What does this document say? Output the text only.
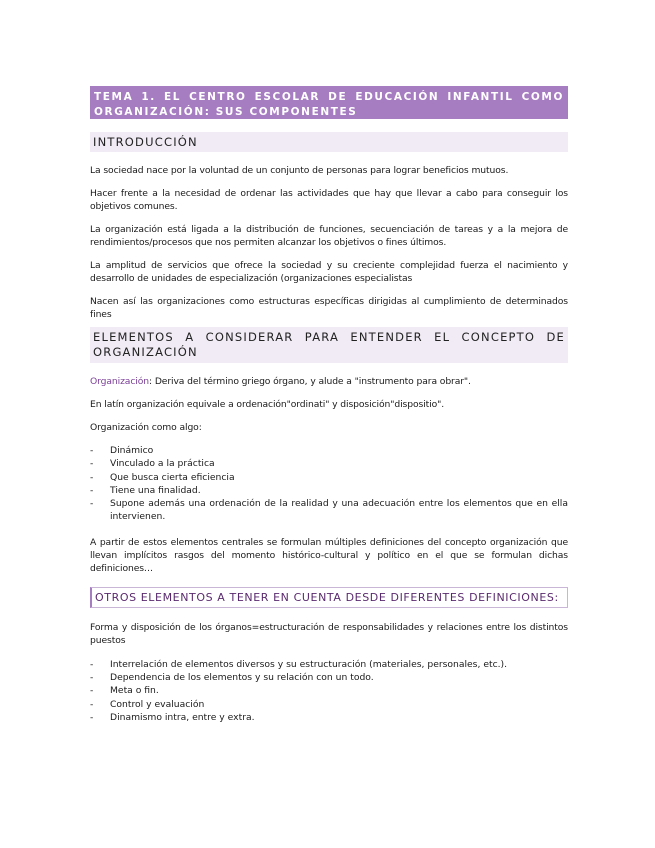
TEMA 1. EL CENTRO ESCOLAR DE EDUCACIÓN INFANTIL COMO
ORGANIZACIÓN: SUS COMPONENTES
INTRODUCCIÓN

La sociedad nace por la voluntad de un conjunto de personas para lograr beneficios mutuos.

Hacer frente a la necesidad de ordenar las actividades que hay que llevar a cabo para conseguir los objetivos comunes.

La organización está ligada a la distribución de funciones, secuenciación de tareas y a la mejora de rendimientos/procesos que nos permiten alcanzar los objetivos o fines últimos.

La amplitud de servicios que ofrece la sociedad y su creciente complejidad fuerza el nacimiento y desarrollo de unidades de especialización (organizaciones especialistas

Nacen así las organizaciones como estructuras específicas dirigidas al cumplimiento de determinados fines

ELEMENTOS A CONSIDERAR PARA ENTENDER EL CONCEPTO DE
ORGANIZACIÓN

Organización: Deriva del término griego órgano, y alude a "instrumento para obrar".

En latín organización equivale a ordenación"ordinati" y disposición"dispositio".

Organización como algo:

- Dinámico
- Vinculado a la práctica
- Que busca cierta eficiencia
- Tiene una finalidad.
- Supone además una ordenación de la realidad y una adecuación entre los elementos que en ella intervienen.

A partir de estos elementos centrales se formulan múltiples definiciones del concepto organización que llevan implícitos rasgos del momento histórico-cultural y político en el que se formulan dichas definiciones…

OTROS ELEMENTOS A TENER EN CUENTA DESDE DIFERENTES DEFINICIONES:

Forma y disposición de los órganos=estructuración de responsabilidades y relaciones entre los distintos puestos

- Interrelación de elementos diversos y su estructuración (materiales, personales, etc.).
- Dependencia de los elementos y su relación con un todo.
- Meta o fin.
- Control y evaluación
- Dinamismo intra, entre y extra.
